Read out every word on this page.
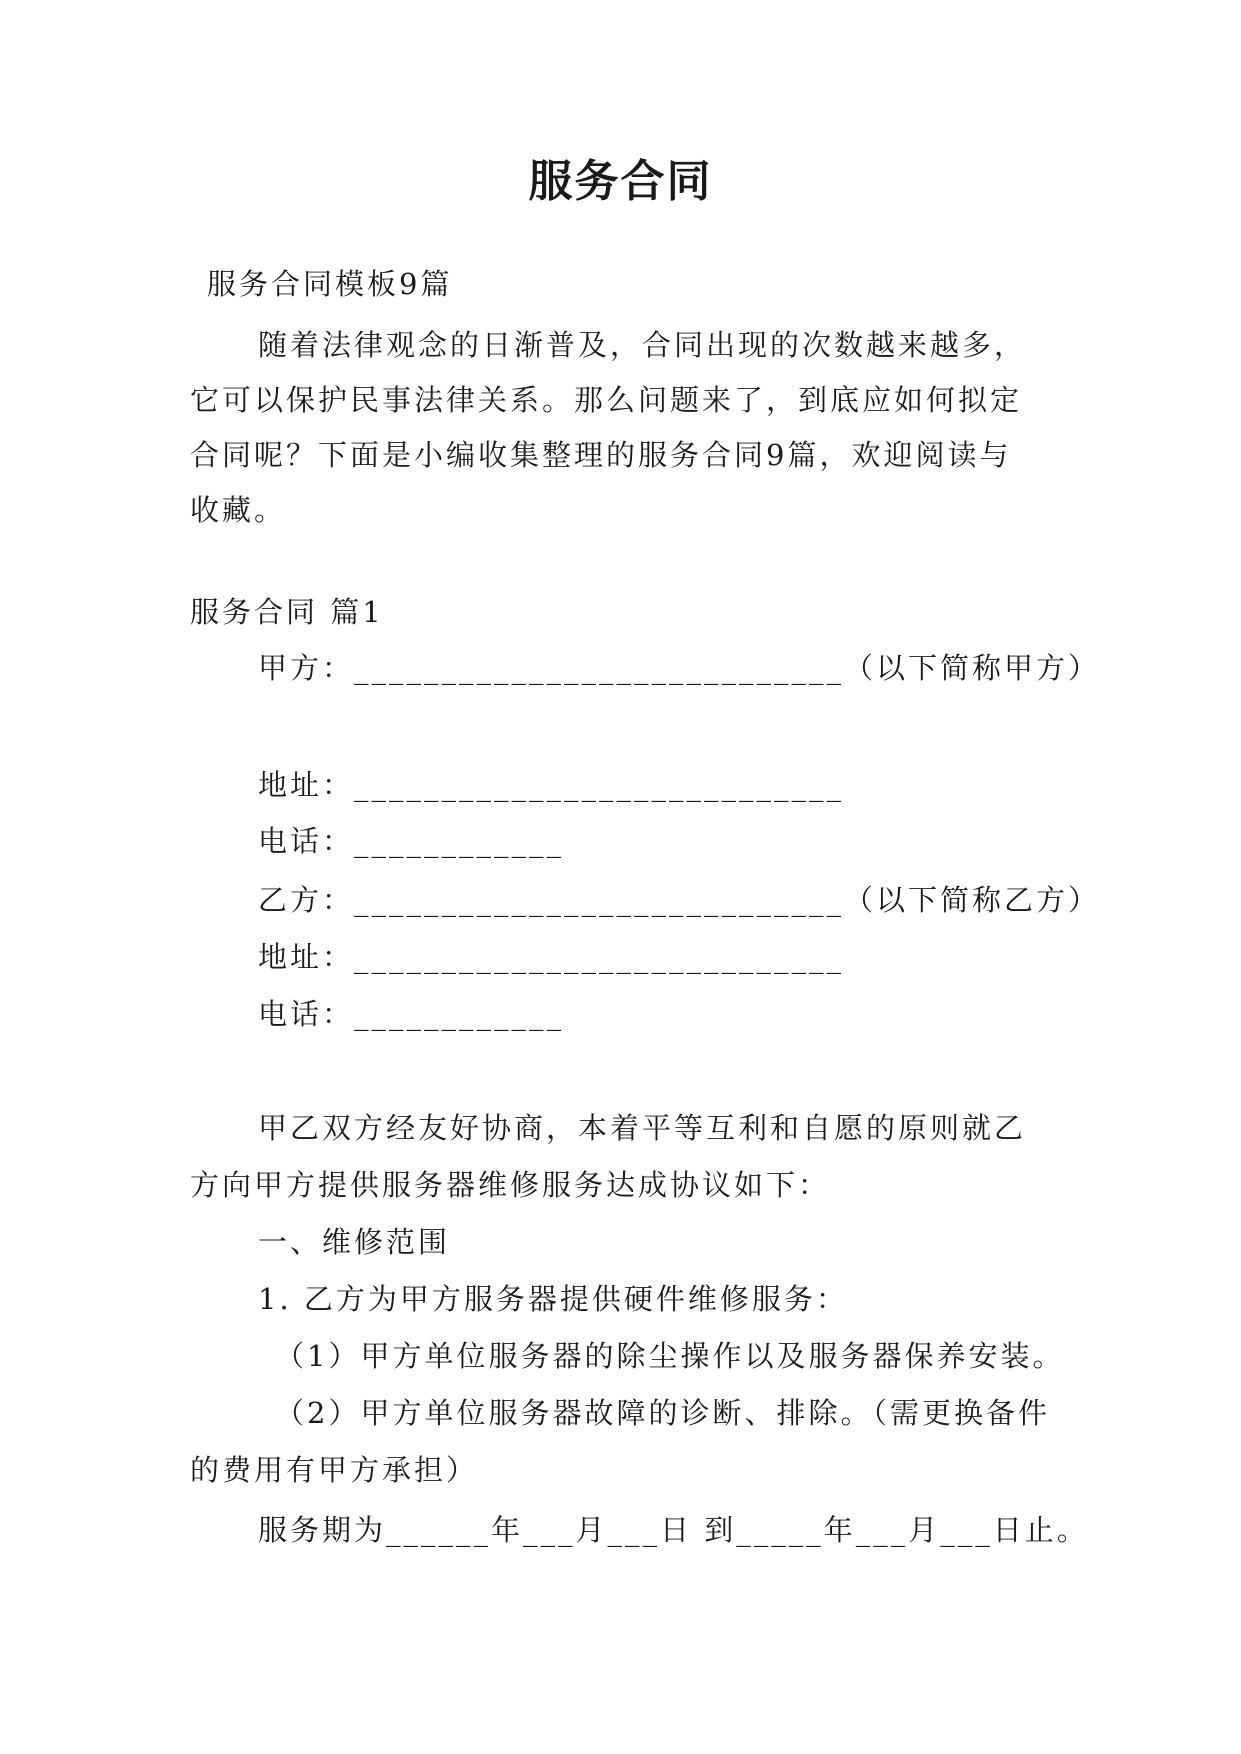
服务合同
服务合同模板9篇
随着法律观念的日渐普及，合同出现的次数越来越多，
它可以保护民事法律关系。那么问题来了，到底应如何拟定
合同呢？下面是小编收集整理的服务合同9篇，欢迎阅读与
收藏。
服务合同 篇1
甲方：____________________________（以下简称甲方）
地址：____________________________
电话：____________
乙方：____________________________（以下简称乙方）
地址：____________________________
电话：____________
甲乙双方经友好协商，本着平等互利和自愿的原则就乙
方向甲方提供服务器维修服务达成协议如下：
一、维修范围
1. 乙方为甲方服务器提供硬件维修服务：
（1）甲方单位服务器的除尘操作以及服务器保养安装。
（2）甲方单位服务器故障的诊断、排除。（需更换备件
的费用有甲方承担）
服务期为______年___月___日 到_____年___月___日止。
